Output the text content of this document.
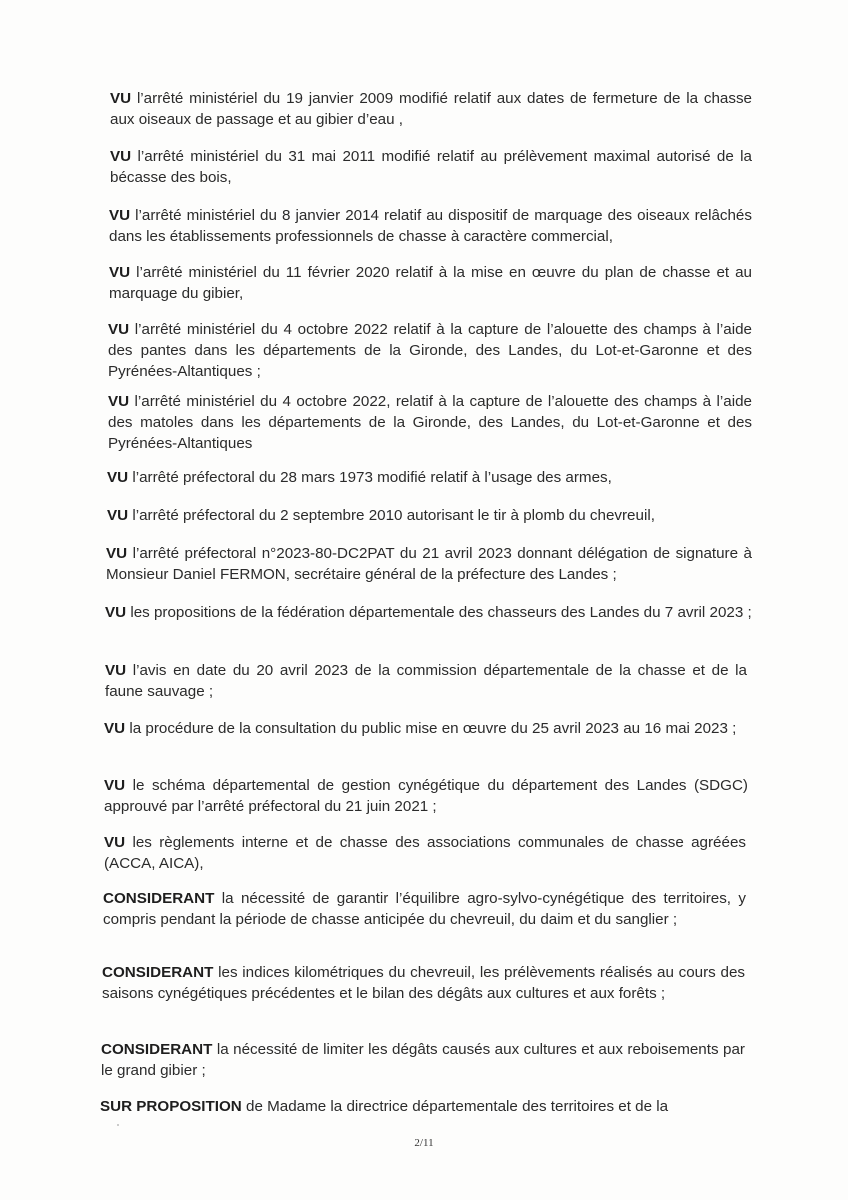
VU l’arrêté ministériel du 19 janvier 2009 modifié relatif aux dates de fermeture de la chasse aux oiseaux de passage et au gibier d’eau ,

VU l’arrêté ministériel du 31 mai 2011 modifié relatif au prélèvement maximal autorisé de la bécasse des bois,

VU l’arrêté ministériel du 8 janvier 2014 relatif au dispositif de marquage des oiseaux relâchés dans les établissements professionnels de chasse à caractère commercial,

VU l’arrêté ministériel du 11 février 2020 relatif à la mise en œuvre du plan de chasse et au marquage du gibier,

VU l’arrêté ministériel du 4 octobre 2022 relatif à la capture de l’alouette des champs à l’aide des pantes dans les départements de la Gironde, des Landes, du Lot-et-Garonne et des Pyrénées-Altantiques ;

VU l’arrêté ministériel du 4 octobre 2022, relatif à la capture de l’alouette des champs à l’aide des matoles dans les départements de la Gironde, des Landes, du Lot-et-Garonne et des Pyrénées-Altantiques

VU l’arrêté préfectoral du 28 mars 1973 modifié relatif à l’usage des armes,

VU l’arrêté préfectoral du 2 septembre 2010 autorisant le tir à plomb du chevreuil,

VU l’arrêté préfectoral n°2023-80-DC2PAT du 21 avril 2023 donnant délégation de signature à Monsieur Daniel FERMON, secrétaire général de la préfecture des Landes ;

VU les propositions de la fédération départementale des chasseurs des Landes du 7 avril 2023 ;

VU l’avis en date du 20 avril 2023 de la commission départementale de la chasse et de la faune sauvage ;

VU la procédure de la consultation du public mise en œuvre du 25 avril 2023 au 16 mai 2023 ;

VU le schéma départemental de gestion cynégétique du département des Landes (SDGC) approuvé par l’arrêté préfectoral du 21 juin 2021 ;

VU les règlements interne et de chasse des associations communales de chasse agréées (ACCA, AICA),

CONSIDERANT la nécessité de garantir l’équilibre agro-sylvo-cynégétique des territoires, y compris pendant la période de chasse anticipée du chevreuil, du daim et du sanglier ;

CONSIDERANT les indices kilométriques du chevreuil, les prélèvements réalisés au cours des saisons cynégétiques précédentes et le bilan des dégâts aux cultures et aux forêts ;

CONSIDERANT la nécessité de limiter les dégâts causés aux cultures et aux reboisements par le grand gibier ;

SUR PROPOSITION de Madame la directrice départementale des territoires et de la

2/11
